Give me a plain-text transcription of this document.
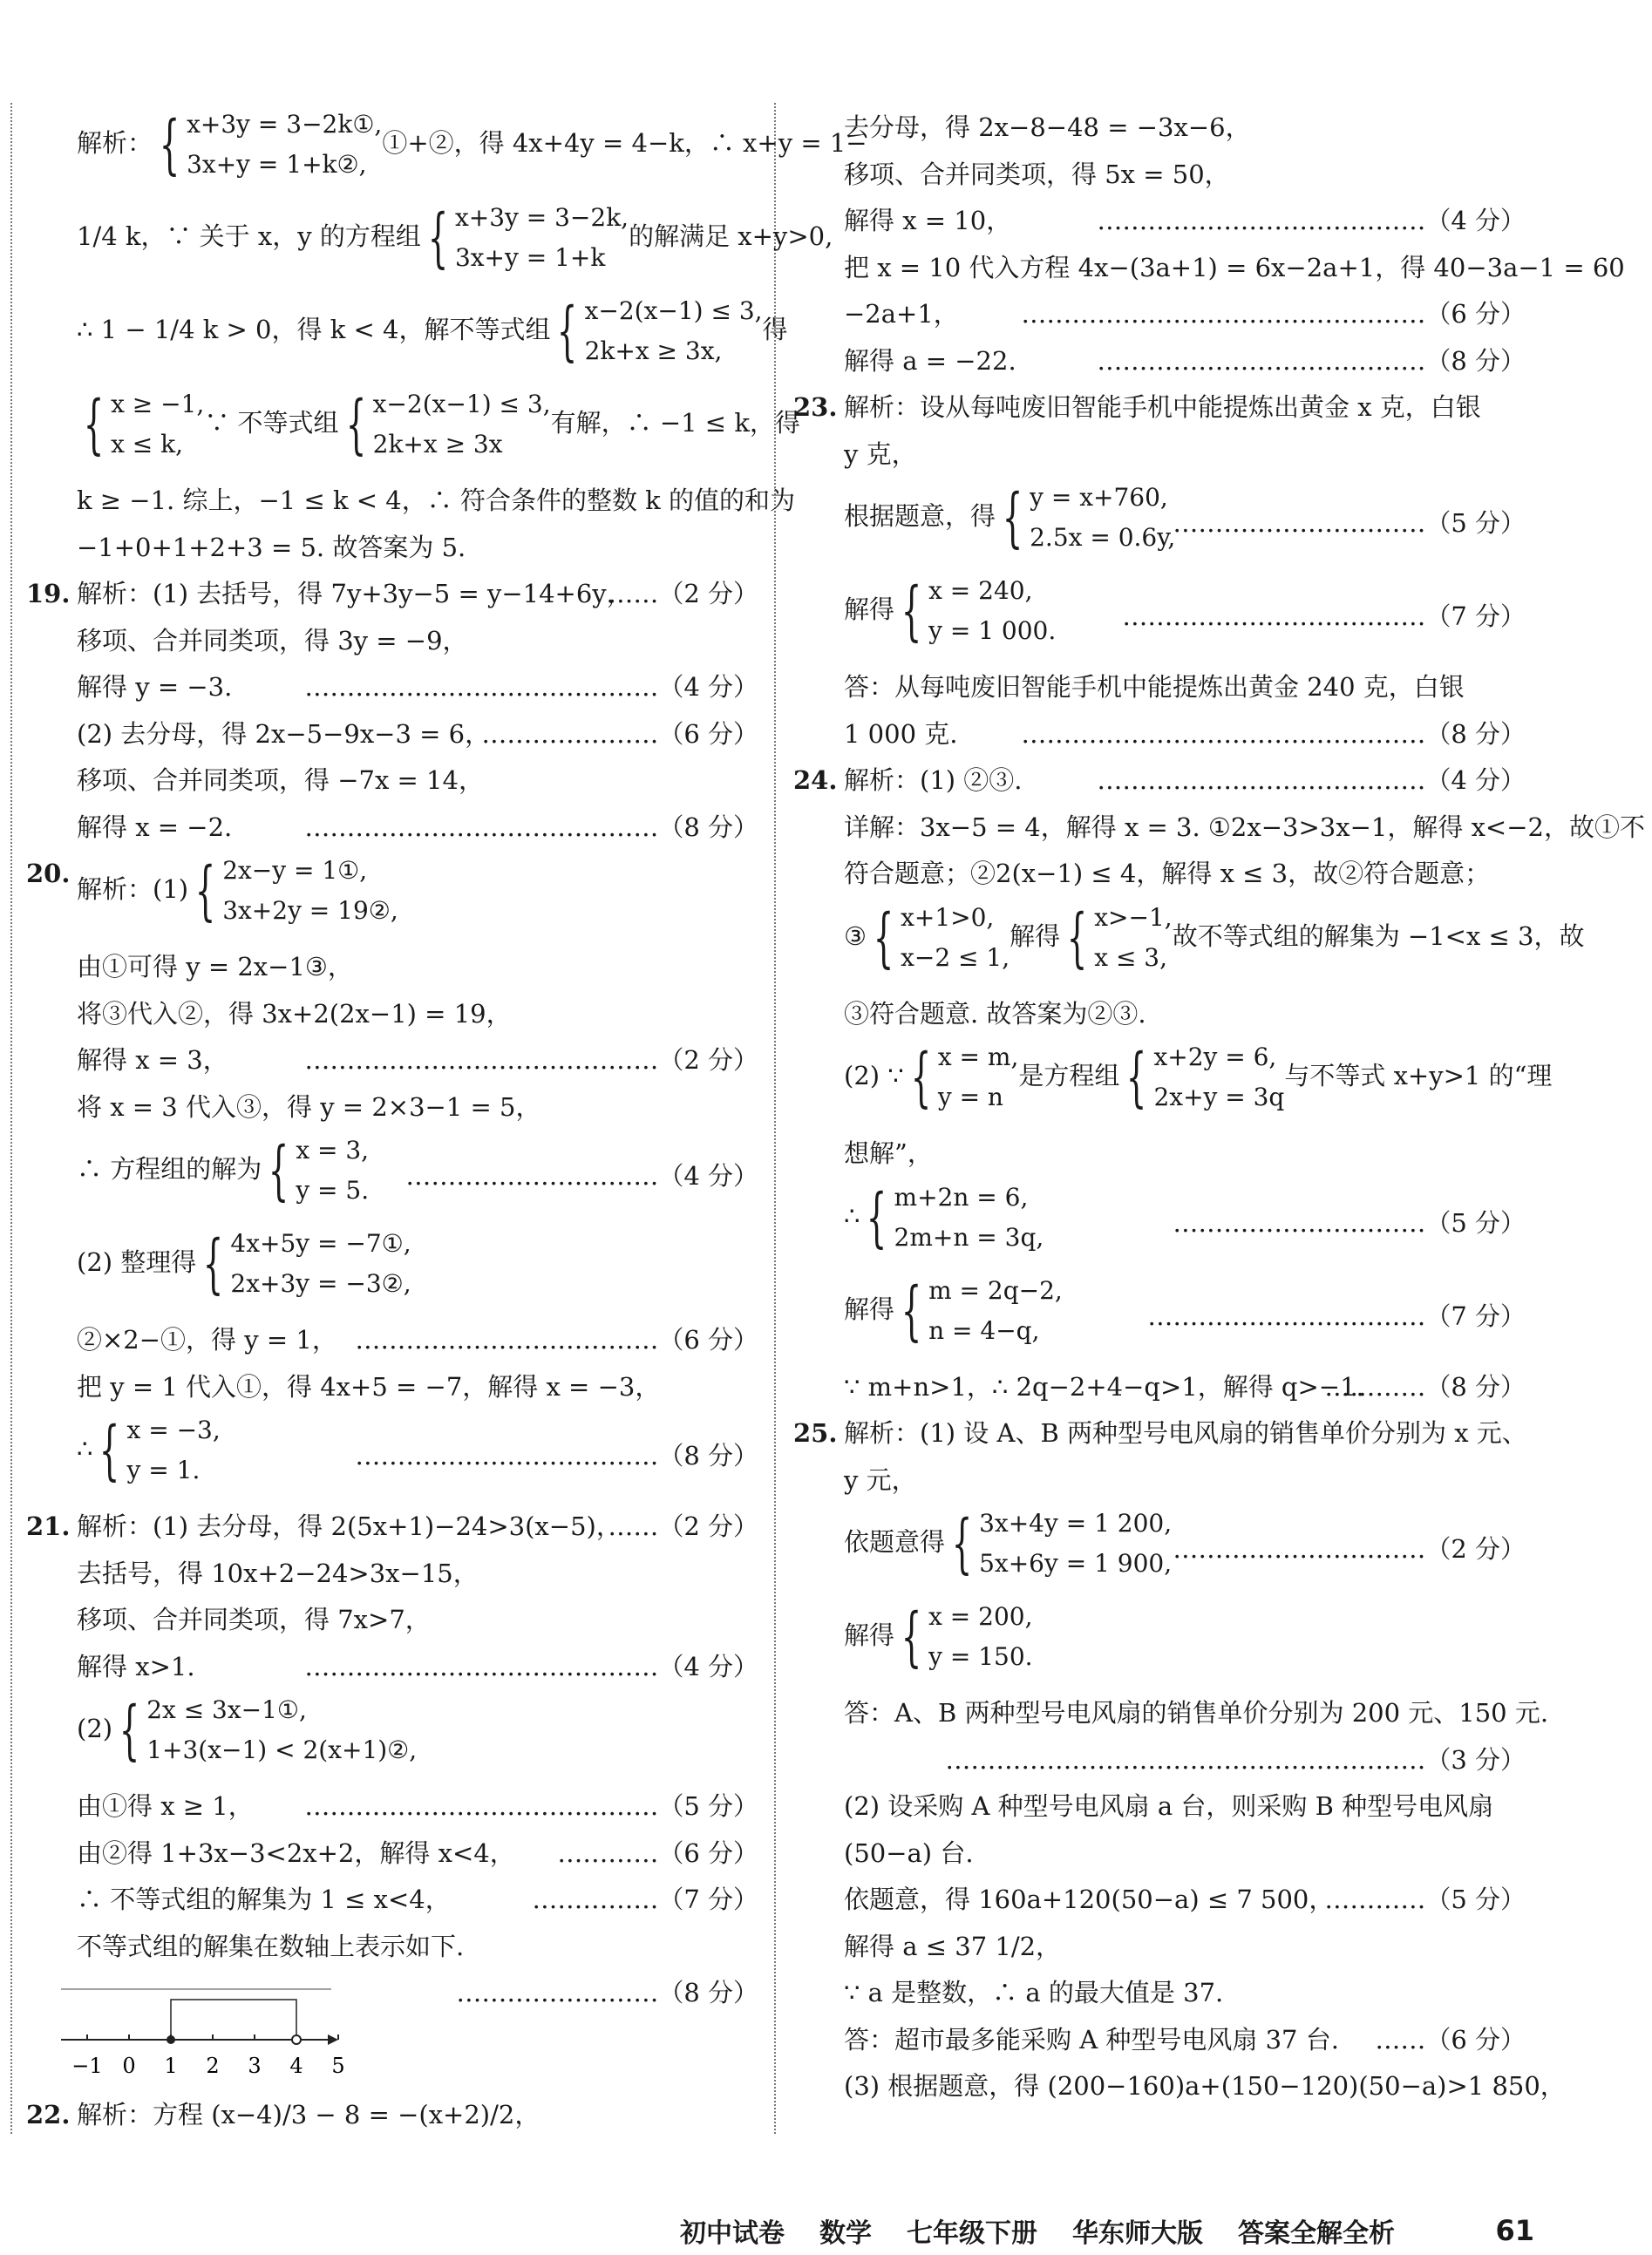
解析： { x+3y = 3−2k①,
3x+y = 1+k②,
①+②，得 4x+4y = 4−k，∴ x+y = 1−
1/4 k，∵ 关于 x，y 的方程组 { x+3y = 3−2k,
3x+y = 1+k
的解满足 x+y>0,
∴ 1 − 1/4 k > 0，得 k < 4，解不等式组 { x−2(x−1) ≤ 3,
2k+x ≥ 3x,
得
{ x ≥ −1,
x ≤ k,
∵ 不等式组 { x−2(x−1) ≤ 3,
2k+x ≥ 3x
有解，∴ −1 ≤ k，得
k ≥ −1. 综上，−1 ≤ k < 4，∴ 符合条件的整数 k 的值的和为
−1+0+1+2+3 = 5. 故答案为 5.
19. 解析：(1) 去括号，得 7y+3y−5 = y−14+6y，
……（2 分）
移项、合并同类项，得 3y = −9，
解得 y = −3.	……………………………………（4 分）
(2) 去分母，得 2x−5−9x−3 = 6，
…………………（6 分）
移项、合并同类项，得 −7x = 14，
解得 x = −2.	……………………………………（8 分）
20.
解析：(1) { 2x−y = 1①,
3x+2y = 19②,
由①可得 y = 2x−1③，
将③代入②，得 3x+2(2x−1) = 19，
解得 x = 3，	……………………………………（2 分）
将 x = 3 代入③，得 y = 2×3−1 = 5，
∴ 方程组的解为 { x = 3,
y = 5. …………………………（4 分）
(2) 整理得 { 4x+5y = −7①,
2x+3y = −3②,
②×2−①，得 y = 1， ………………………………（6 分）
把 y = 1 代入①，得 4x+5 = −7，解得 x = −3，
∴ { x = −3,
y = 1.	………………………………（8 分）
21. 解析：(1) 去分母，得 2(5x+1)−24>3(x−5)，
……（2 分）
去括号，得 10x+2−24>3x−15，
移项、合并同类项，得 7x>7，
解得 x>1.	……………………………………（4 分）
(2) { 2x ≤ 3x−1①,
1+3(x−1) < 2(x+1)②,
由①得 x ≥ 1， ……………………………………（5 分）
由②得 1+3x−3<2x+2，解得 x<4， …………（6 分）
∴ 不等式组的解集为 1 ≤ x<4，	……………（7 分）
不等式组的解集在数轴上表示如下.
−1 0 1 2 3 4 5
……………………（8 分）
22. 解析：方程 (x−4)/3 − 8 = −(x+2)/2，
去分母，得 2x−8−48 = −3x−6，
移项、合并同类项，得 5x = 50，
解得 x = 10，	…………………………………（4 分）
把 x = 10 代入方程 4x−(3a+1) = 6x−2a+1，得 40−3a−1 = 60
−2a+1， …………………………………………（6 分）
解得 a = −22.	…………………………………（8 分）
23. 解析：设从每吨废旧智能手机中能提炼出黄金 x 克，白银
y 克，
根据题意，得 { y = x+760,
2.5x = 0.6y,
…………………………（5 分）
解得 { x = 240,
y = 1 000.	………………………………（7 分）
答：从每吨废旧智能手机中能提炼出黄金 240 克，白银
1 000 克.	…………………………………………（8 分）
24. 解析：(1) ②③.	…………………………………（4 分）
详解：3x−5 = 4，解得 x = 3. ①2x−3>3x−1，解得 x<−2，故①不
符合题意；②2(x−1) ≤ 4，解得 x ≤ 3，故②符合题意；
③ { x+1>0,
x−2 ≤ 1,
解得 { x>−1,
x ≤ 3,
故不等式组的解集为 −1<x ≤ 3，故
③符合题意. 故答案为②③.
(2) ∵ { x = m,
y = n
是方程组 { x+2y = 6,
2x+y = 3q
与不等式 x+y>1 的“理
想解”，
∴ { m+2n = 6,
2m+n = 3q,	…………………………（5 分）
解得 { m = 2q−2,
n = 4−q,	……………………………（7 分）
∵ m+n>1，∴ 2q−2+4−q>1，解得 q>−1.
…………（8 分）
25. 解析：(1) 设 A、B 两种型号电风扇的销售单价分别为 x 元、
y 元，
依题意得 { 3x+4y = 1 200,
5x+6y = 1 900, …………………………（2 分）
解得 { x = 200,
y = 150.
答：A、B 两种型号电风扇的销售单价分别为 200 元、150 元.
…………………………………………………（3 分）
(2) 设采购 A 种型号电风扇 a 台，则采购 B 种型号电风扇
(50−a) 台.
依题意，得 160a+120(50−a) ≤ 7 500，
…………（5 分）
解得 a ≤ 37 1/2，
∵ a 是整数，∴ a 的最大值是 37.
答：超市最多能采购 A 种型号电风扇 37 台. ……（6 分）
(3) 根据题意，得 (200−160)a+(150−120)(50−a)>1 850，
初中试卷 数学 七年级下册 华东师大版 答案全解全析	61
